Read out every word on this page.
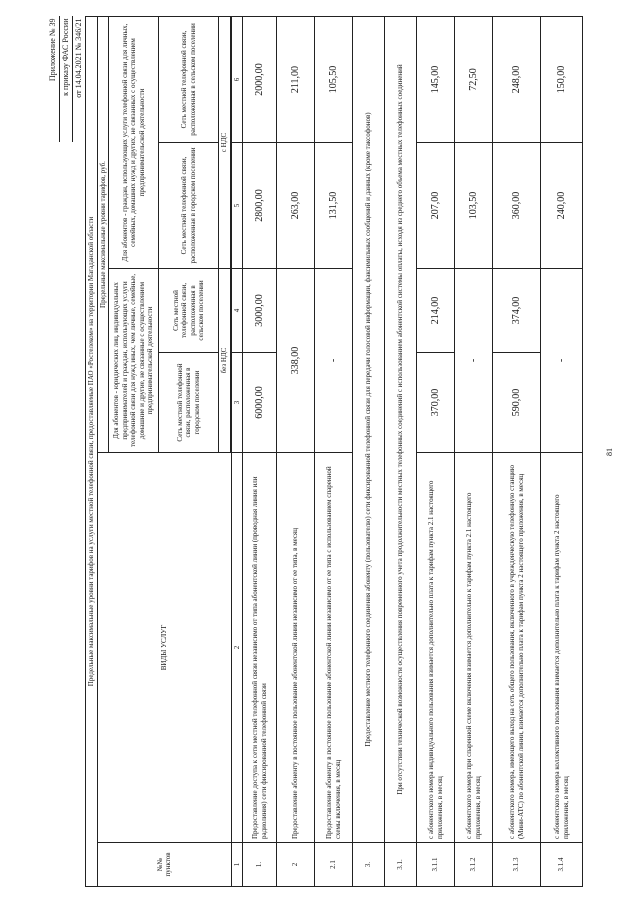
81
					Приложение № 39
					к приказу ФАС России
					от 14.04.2021 № 346/21
Предельные максимальные уровни тарифов на услуги местной телефонной связи, предоставляемые ПАО «Ростелеком» на территории Магаданской области					
№№ пунктов	ВИДЫ УСЛУГ	Предельные максимальные уровни тарифов, руб.			
		Для абонентов - юридических лиц, индивидуальных предпринимателей и граждан, использующих услуги телефонной связи для нужд иных, чем личные, семейные, домашние и другие, не связанные с осуществлением предпринимательской деятельности		Для абонентов - граждан, использующих услуги телефонной связи для личных, семейных, домашних нужд и других, не связанных с осуществлением предпринимательской деятельности	
		Сеть местной телефонной связи, расположенная в городском поселении	Сеть местной телефонной связи, расположенная в сельском поселении	Сеть местной телефонной связи, расположенная в городском поселении	Сеть местной телефонной связи, расположенная в сельском поселении
		без НДС		с НДС	

1	2	3	4	5	6
1.	Предоставление доступа к сети местной телефонной связи независимо от типа абонентской линии (проводная линия или радиолиния) сети фиксированной телефонной связи	6000,00	3000,00	2800,00	2000,00
2	Предоставление абоненту в постоянное пользование абонентской линии независимо от ее типа, в месяц	338,00		263,00	211,00
2.1	Предоставление абоненту в постоянное пользование абонентской линии независимо от ее типа с использованием спаренной схемы включения, в месяц	-		131,50	105,50
3.	Предоставление местного телефонного соединения абоненту (пользователю) сети фиксированной телефонной связи для передачи голосовой информации, факсимильных сообщений и данных (кроме таксофонов)				
3.1.	При отсутствии технической возможности осуществления повременного учета продолжительности местных телефонных соединений с использованием абонентской системы оплаты, исходя из среднего объема местных телефонных соединений				
3.1.1	с абонентского номера индивидуального пользования взимается дополнительно плата к тарифам пункта 2.1 настоящего приложения, в месяц	370,00	214,00	207,00	145,00
3.1.2	с абонентского номера при спаренной схеме включения взимается дополнительно к тарифам пункта 2.1 настоящего приложения, в месяц	-		103,50	72,50
3.1.3	с абонентского номера, имеющего выход на сеть общего пользования, включенного в учрежденческую телефонную станцию (Мини-АТС) по абонентской линии, взимается дополнительно плата к тарифам пункта 2 настоящего приложения, в месяц	590,00	374,00	360,00	248,00
3.1.4	с абонентского номера коллективного пользования взимается дополнительно плата к тарифам пункта 2 настоящего приложения, в месяц	-		240,00	150,00
